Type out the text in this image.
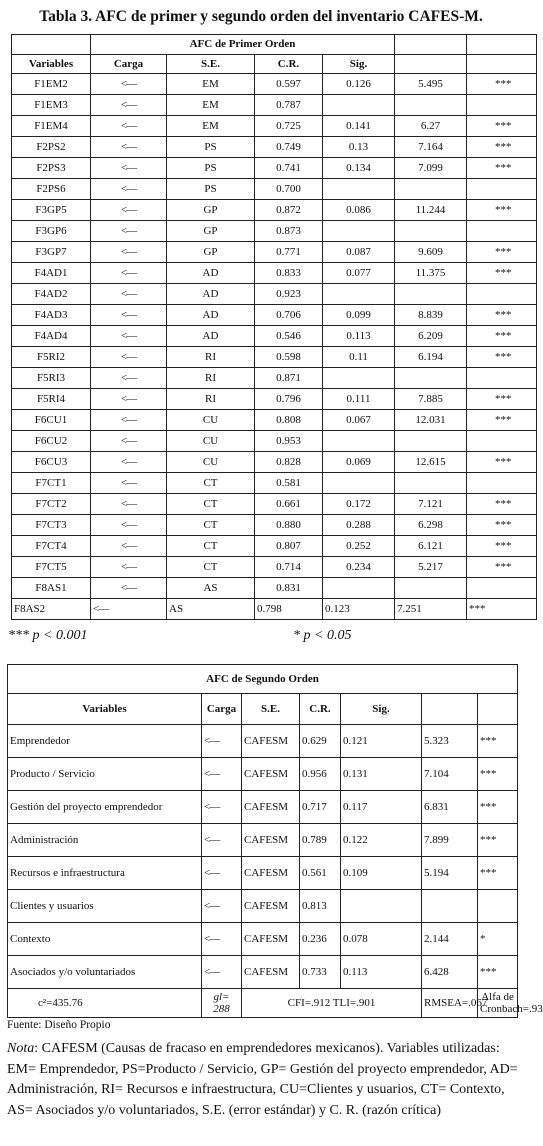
Tabla 3. AFC de primer y segundo orden del inventario CAFES-M.
	AFC de Primer Orden					
Variables	Carga	S.E.	C.R.	Sig.		
F1EM2	<—	EM	0.597	0.126	5.495	***
F1EM3	<—	EM	0.787			
F1EM4	<—	EM	0.725	0.141	6.27	***
F2PS2	<—	PS	0.749	0.13	7.164	***
F2PS3	<—	PS	0.741	0.134	7.099	***
F2PS6	<—	PS	0.700			
F3GP5	<—	GP	0.872	0.086	11.244	***
F3GP6	<—	GP	0.873			
F3GP7	<—	GP	0.771	0.087	9.609	***
F4AD1	<—	AD	0.833	0.077	11.375	***
F4AD2	<—	AD	0.923			
F4AD3	<—	AD	0.706	0.099	8.839	***
F4AD4	<—	AD	0.546	0.113	6.209	***
F5RI2	<—	RI	0.598	0.11	6.194	***
F5RI3	<—	RI	0.871			
F5RI4	<—	RI	0.796	0.111	7.885	***
F6CU1	<—	CU	0.808	0.067	12.031	***
F6CU2	<—	CU	0.953			
F6CU3	<—	CU	0.828	0.069	12.615	***
F7CT1	<—	CT	0.581			
F7CT2	<—	CT	0.661	0.172	7.121	***
F7CT3	<—	CT	0.880	0.288	6.298	***
F7CT4	<—	CT	0.807	0.252	6.121	***
F7CT5	<—	CT	0.714	0.234	5.217	***
F8AS1	<—	AS	0.831			
F8AS2	<—	AS	0.798	0.123	7.251	***
*** p < 0.001	* p < 0.05
AFC de Segundo Orden						
Variables	Carga	S.E.	C.R.	Sig.		
Emprendedor	<—	CAFESM	0.629	0.121	5.323	***
Producto / Servicio	<—	CAFESM	0.956	0.131	7.104	***
Gestión del proyecto emprendedor	<—	CAFESM	0.717	0.117	6.831	***
Administración	<—	CAFESM	0.789	0.122	7.899	***
Recursos e infraestructura	<—	CAFESM	0.561	0.109	5.194	***
Clientes y usuarios	<—	CAFESM	0.813			
Contexto	<—	CAFESM	0.236	0.078	2.144	*
Asociados y/o voluntariados	<—	CAFESM	0.733	0.113	6.428	***
c²=435.76	gl= 288	CFI=.912 TLI=.901			RMSEA=.067	Alfa de Cronbach=.93
Fuente: Diseño Propio
Nota: CAFESM (Causas de fracaso en emprendedores mexicanos). Variables utilizadas: EM= Emprendedor, PS=Producto / Servicio, GP= Gestión del proyecto emprendedor, AD= Administración, RI= Recursos e infraestructura, CU=Clientes y usuarios, CT= Contexto, AS= Asociados y/o voluntariados, S.E. (error estándar) y C. R. (razón crítica)
